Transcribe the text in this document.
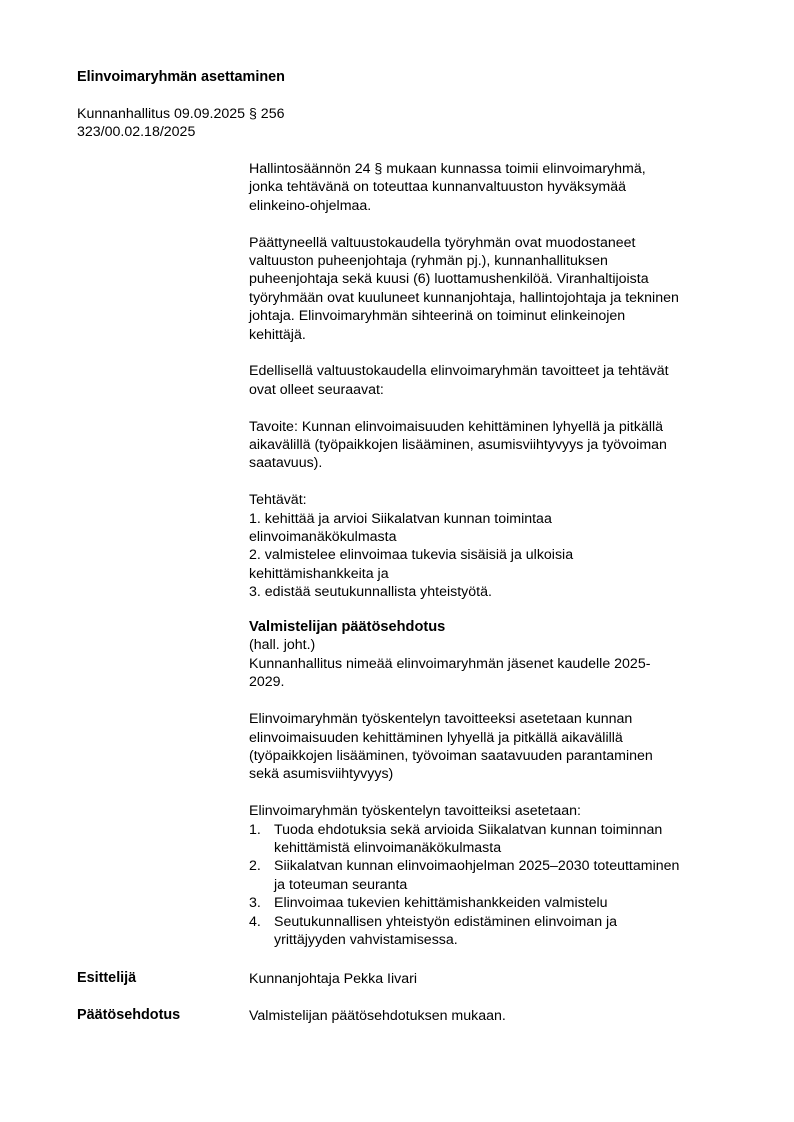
Elinvoimaryhmän asettaminen
Kunnanhallitus 09.09.2025 § 256
323/00.02.18/2025

Hallintosäännön 24 § mukaan kunnassa toimii elinvoimaryhmä,
jonka tehtävänä on toteuttaa kunnanvaltuuston hyväksymää
elinkeino-ohjelmaa.

Päättyneellä valtuustokaudella työryhmän ovat muodostaneet
valtuuston puheenjohtaja (ryhmän pj.), kunnanhallituksen
puheenjohtaja sekä kuusi (6) luottamushenkilöä. Viranhaltijoista
työryhmään ovat kuuluneet kunnanjohtaja, hallintojohtaja ja tekninen
johtaja. Elinvoimaryhmän sihteerinä on toiminut elinkeinojen
kehittäjä.

Edellisellä valtuustokaudella elinvoimaryhmän tavoitteet ja tehtävät
ovat olleet seuraavat:

Tavoite: Kunnan elinvoimaisuuden kehittäminen lyhyellä ja pitkällä
aikavälillä (työpaikkojen lisääminen, asumisviihtyvyys ja työvoiman
saatavuus).

Tehtävät:
1. kehittää ja arvioi Siikalatvan kunnan toimintaa
elinvoimanäkökulmasta
2. valmistelee elinvoimaa tukevia sisäisiä ja ulkoisia
kehittämishankkeita ja
3. edistää seutukunnallista yhteistyötä.

Valmistelijan päätösehdotus
(hall. joht.)

Kunnanhallitus nimeää elinvoimaryhmän jäsenet kaudelle 2025-
2029.

Elinvoimaryhmän työskentelyn tavoitteeksi asetetaan kunnan
elinvoimaisuuden kehittäminen lyhyellä ja pitkällä aikavälillä
(työpaikkojen lisääminen, työvoiman saatavuuden parantaminen
sekä asumisviihtyvyys)

Elinvoimaryhmän työskentelyn tavoitteiksi asetetaan:

1. Tuoda ehdotuksia sekä arvioida Siikalatvan kunnan toiminnan
kehittämistä elinvoimanäkökulmasta
2. Siikalatvan kunnan elinvoimaohjelman 2025–2030 toteuttaminen
ja toteuman seuranta
3. Elinvoimaa tukevien kehittämishankkeiden valmistelu
4. Seutukunnallisen yhteistyön edistäminen elinvoiman ja
yrittäjyyden vahvistamisessa.
Esittelijä	Kunnanjohtaja Pekka Iivari
Päätösehdotus	Valmistelijan päätösehdotuksen mukaan.
